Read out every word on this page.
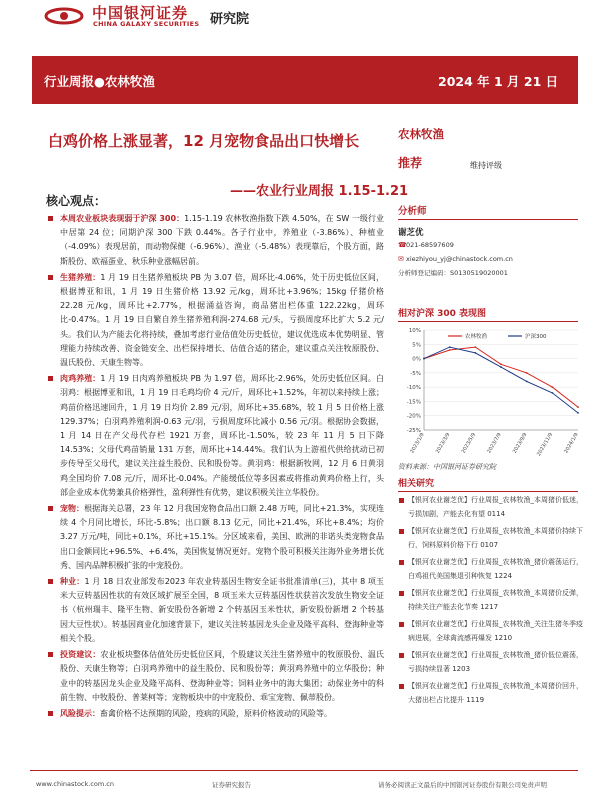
中国银河证券
CHINA GALAXY SECURITIES 研究院
行业周报●农林牧渔	2024 年 1 月 21 日
白鸡价格上涨显著，12 月宠物食品出口快增长
——农业行业周报 1.15-1.21
核心观点：
本周农业板块表现弱于沪深 300：1.15-1.19 农林牧渔指数下跌 4.50%，在 SW 一级行业中居第 24 位；同期沪深 300 下跌 0.44%。各子行业中，养殖业（-3.86%）、种植业（-4.09%）表现居前，而动物保健（-6.96%）、渔业（-5.48%）表现靠后，个股方面，路斯股份、欧福蛋业、秋乐种业涨幅居前。
生猪养殖：1 月 19 日生猪养殖板块 PB 为 3.07 倍，周环比-4.06%，处于历史低位区间，根据博亚和讯，1 月 19 日生猪价格 13.92 元/kg，周环比+3.96%；15kg 仔猪价格 22.28 元/kg，周环比+2.77%，根据涌益咨询，商品猪出栏体重 122.22kg，周环比-0.47%。1 月 19 日自繁自养生猪养殖利润-274.68 元/头，亏损周度环比扩大 5.2 元/头。我们认为产能去化将持续，叠加考虑行业估值处历史低位，建议优选成本优势明显、管理能力持续改善、资金链安全、出栏保持增长、估值合适的猪企，建议重点关注牧原股份、温氏股份、天康生物等。
肉鸡养殖：1 月 19 日肉鸡养殖板块 PB 为 1.97 倍，周环比-2.96%，处历史低位区间。白羽鸡：根据博亚和讯，1 月 19 日毛鸡均价 4 元/斤，周环比+1.52%，年初以来持续上涨；鸡苗价格迅速回升，1 月 19 日均价 2.89 元/羽，周环比+35.68%，较 1 月 5 日价格上涨 129.37%；白羽鸡养殖利润-0.63 元/羽，亏损周度环比减小 0.56 元/羽。根据协会数据，1 月 14 日在产父母代存栏 1921 万套，周环比-1.50%，较 23 年 11 月 5 日下降 14.53%；父母代鸡苗销量 131 万套，周环比+14.44%。我们认为上游祖代供给扰动已初步传导至父母代，建议关注益生股份、民和股份等。黄羽鸡：根据新牧网，12 月 6 日黄羽鸡全国均价 7.08 元/斤，周环比-0.04%。产能缓低位等多因素或将推动黄鸡价格上行，头部企业成本优势兼具价格弹性，盈利弹性有优势，建议积极关注立华股份。
宠物：根据海关总署，23 年 12 月我国宠物食品出口额 2.48 万吨，同比+21.3%，实现连续 4 个月同比增长，环比-5.8%；出口额 8.13 亿元，同比+21.4%，环比+8.4%；均价 3.27 万元/吨，同比+0.1%，环比+15.1%。分区域来看，美国、欧洲的非诺头类宠物食品出口金额同比+96.5%、+6.4%，美国恢复情况更好。宠物个股可积极关注海外业务增长优秀、国内品牌积极扩张的中宠股份。
种业：1 月 18 日农业部发布2023 年农业转基因生物安全证书批准清单(三)，其中 8 项玉米大豆转基因性状的有效区域扩展至全国，8 项玉米大豆转基因性状获首次发放生物安全证书（杭州瑞丰、隆平生物、新安股份各新增 2 个转基因玉米性状，新安股份新增 2 个转基因大豆性状）。转基因商业化加速背景下，建议关注转基因龙头企业及隆平高科、登海种业等相关个股。
投资建议：农业板块整体估值处历史低位区间，个股建议关注生猪养殖中的牧原股份、温氏股份、天康生物等；白羽鸡养殖中的益生股份、民和股份等；黄羽鸡养殖中的立华股份；种业中的转基因龙头企业及隆平高科、登海种业等；饲料业务中的海大集团；动保业务中的科前生物、中牧股份、普莱柯等；宠物板块中的中宠股份、乖宝宠物、佩蒂股份。
风险提示：畜禽价格不达预期的风险，疫病的风险，原料价格波动的风险等。
农林牧渔
推荐	维持评级
分析师
谢芝优
☎021-68597609
✉ xiezhiyou_yj@chinastock.com.cn
分析师登记编码：S0130519020001
相对沪深 300 表现图
10%
5%
0%
-5%
-10%
-15%
-20%
-25%
2023/1/9 2023/3/9 2023/5/9 2023/7/9 2023/9/9 2023/11/9 2024/1/9
农林牧渔	沪深300
资料来源：中国银河证券研究院
相关研究
【银河农业谢芝优】行业周报_农林牧渔_本周猪价低迷，亏损加剧，产能去化有望 0114
【银河农业谢芝优】行业周报_农林牧渔_本周猪价持续下行，饲料原料价格下行 0107
【银河农业谢芝优】行业周报_农林牧渔_猪价震荡运行，白鸡祖代美国集退引种恢复 1224
【银河农业谢芝优】行业周报_农林牧渔_本周猪价反弹，持续关注产能去化节奏 1217
【银河农业谢芝优】行业周报_农林牧渔_关注生猪冬季疫病进展，全球禽流感再爆发 1210
【银河农业谢芝优】行业周报_农林牧渔_猪价低位震荡，亏损持续显著 1203
【银河农业谢芝优】行业周报_农林牧渔_本周猪价回升，大猪出栏占比提升 1119
www.chinastock.com.cn	证券研究报告	请务必阅读正文最后的中国银河证券股份有限公司免责声明
